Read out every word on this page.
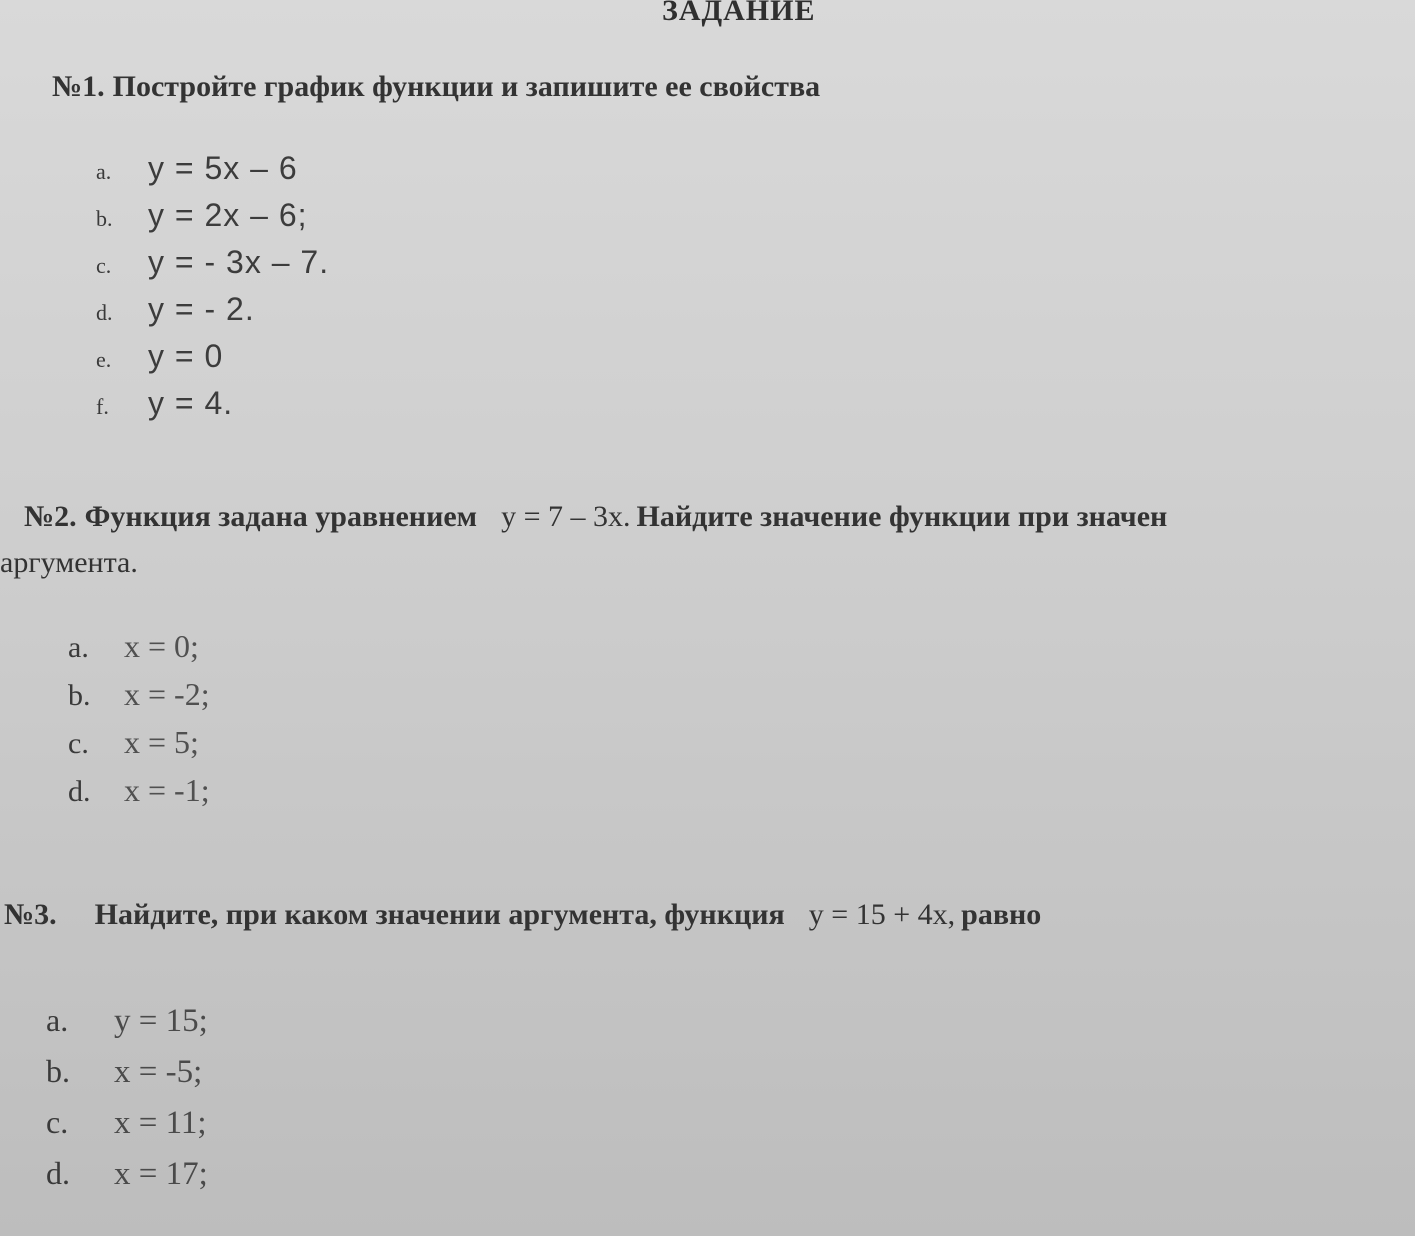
ЗАДАНИЕ
№1. Постройте график функции и запишите ее свойства
a. y = 5x – 6
b. y = 2x – 6;
c. y = - 3x – 7.
d. y = - 2.
e. y = 0
f. y = 4.
№2. Функция задана уравнением y = 7 – 3x. Найдите значение функции при значен
аргумента.
a. x = 0;
b. x = -2;
c. x = 5;
d. x = -1;
№3. Найдите, при каком значении аргумента, функция y = 15 + 4x, равно
a. y = 15;
b. x = -5;
c. x = 11;
d. x = 17;
